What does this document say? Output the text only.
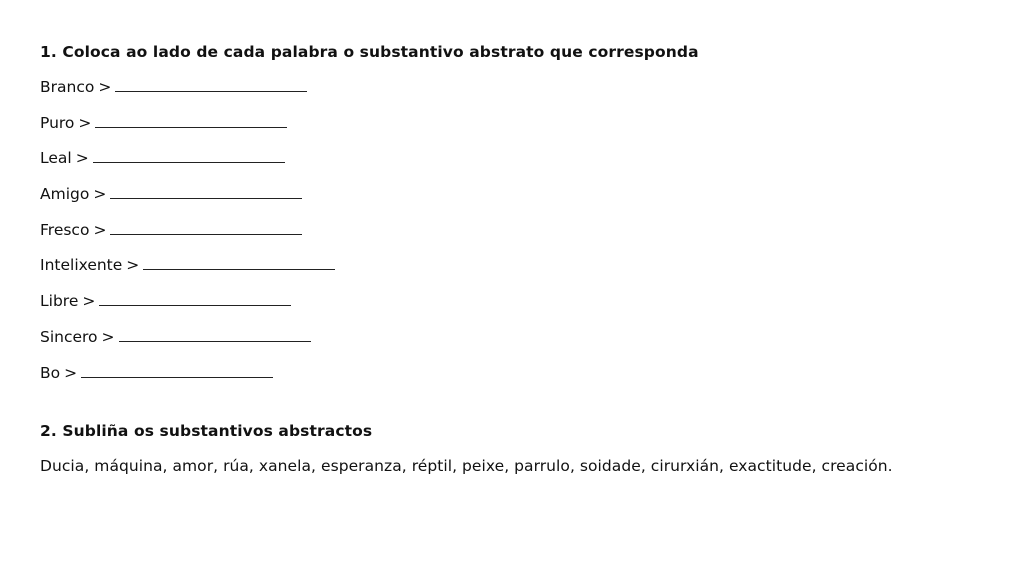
1. Coloca ao lado de cada palabra o substantivo abstrato que corresponda
Branco >
Puro >
Leal >
Amigo >
Fresco >
Intelixente >
Libre >
Sincero >
Bo >
2. Subliña os substantivos abstractos

Ducia, máquina, amor, rúa, xanela, esperanza, réptil, peixe, parrulo, soidade, cirurxián, exactitude, creación.
